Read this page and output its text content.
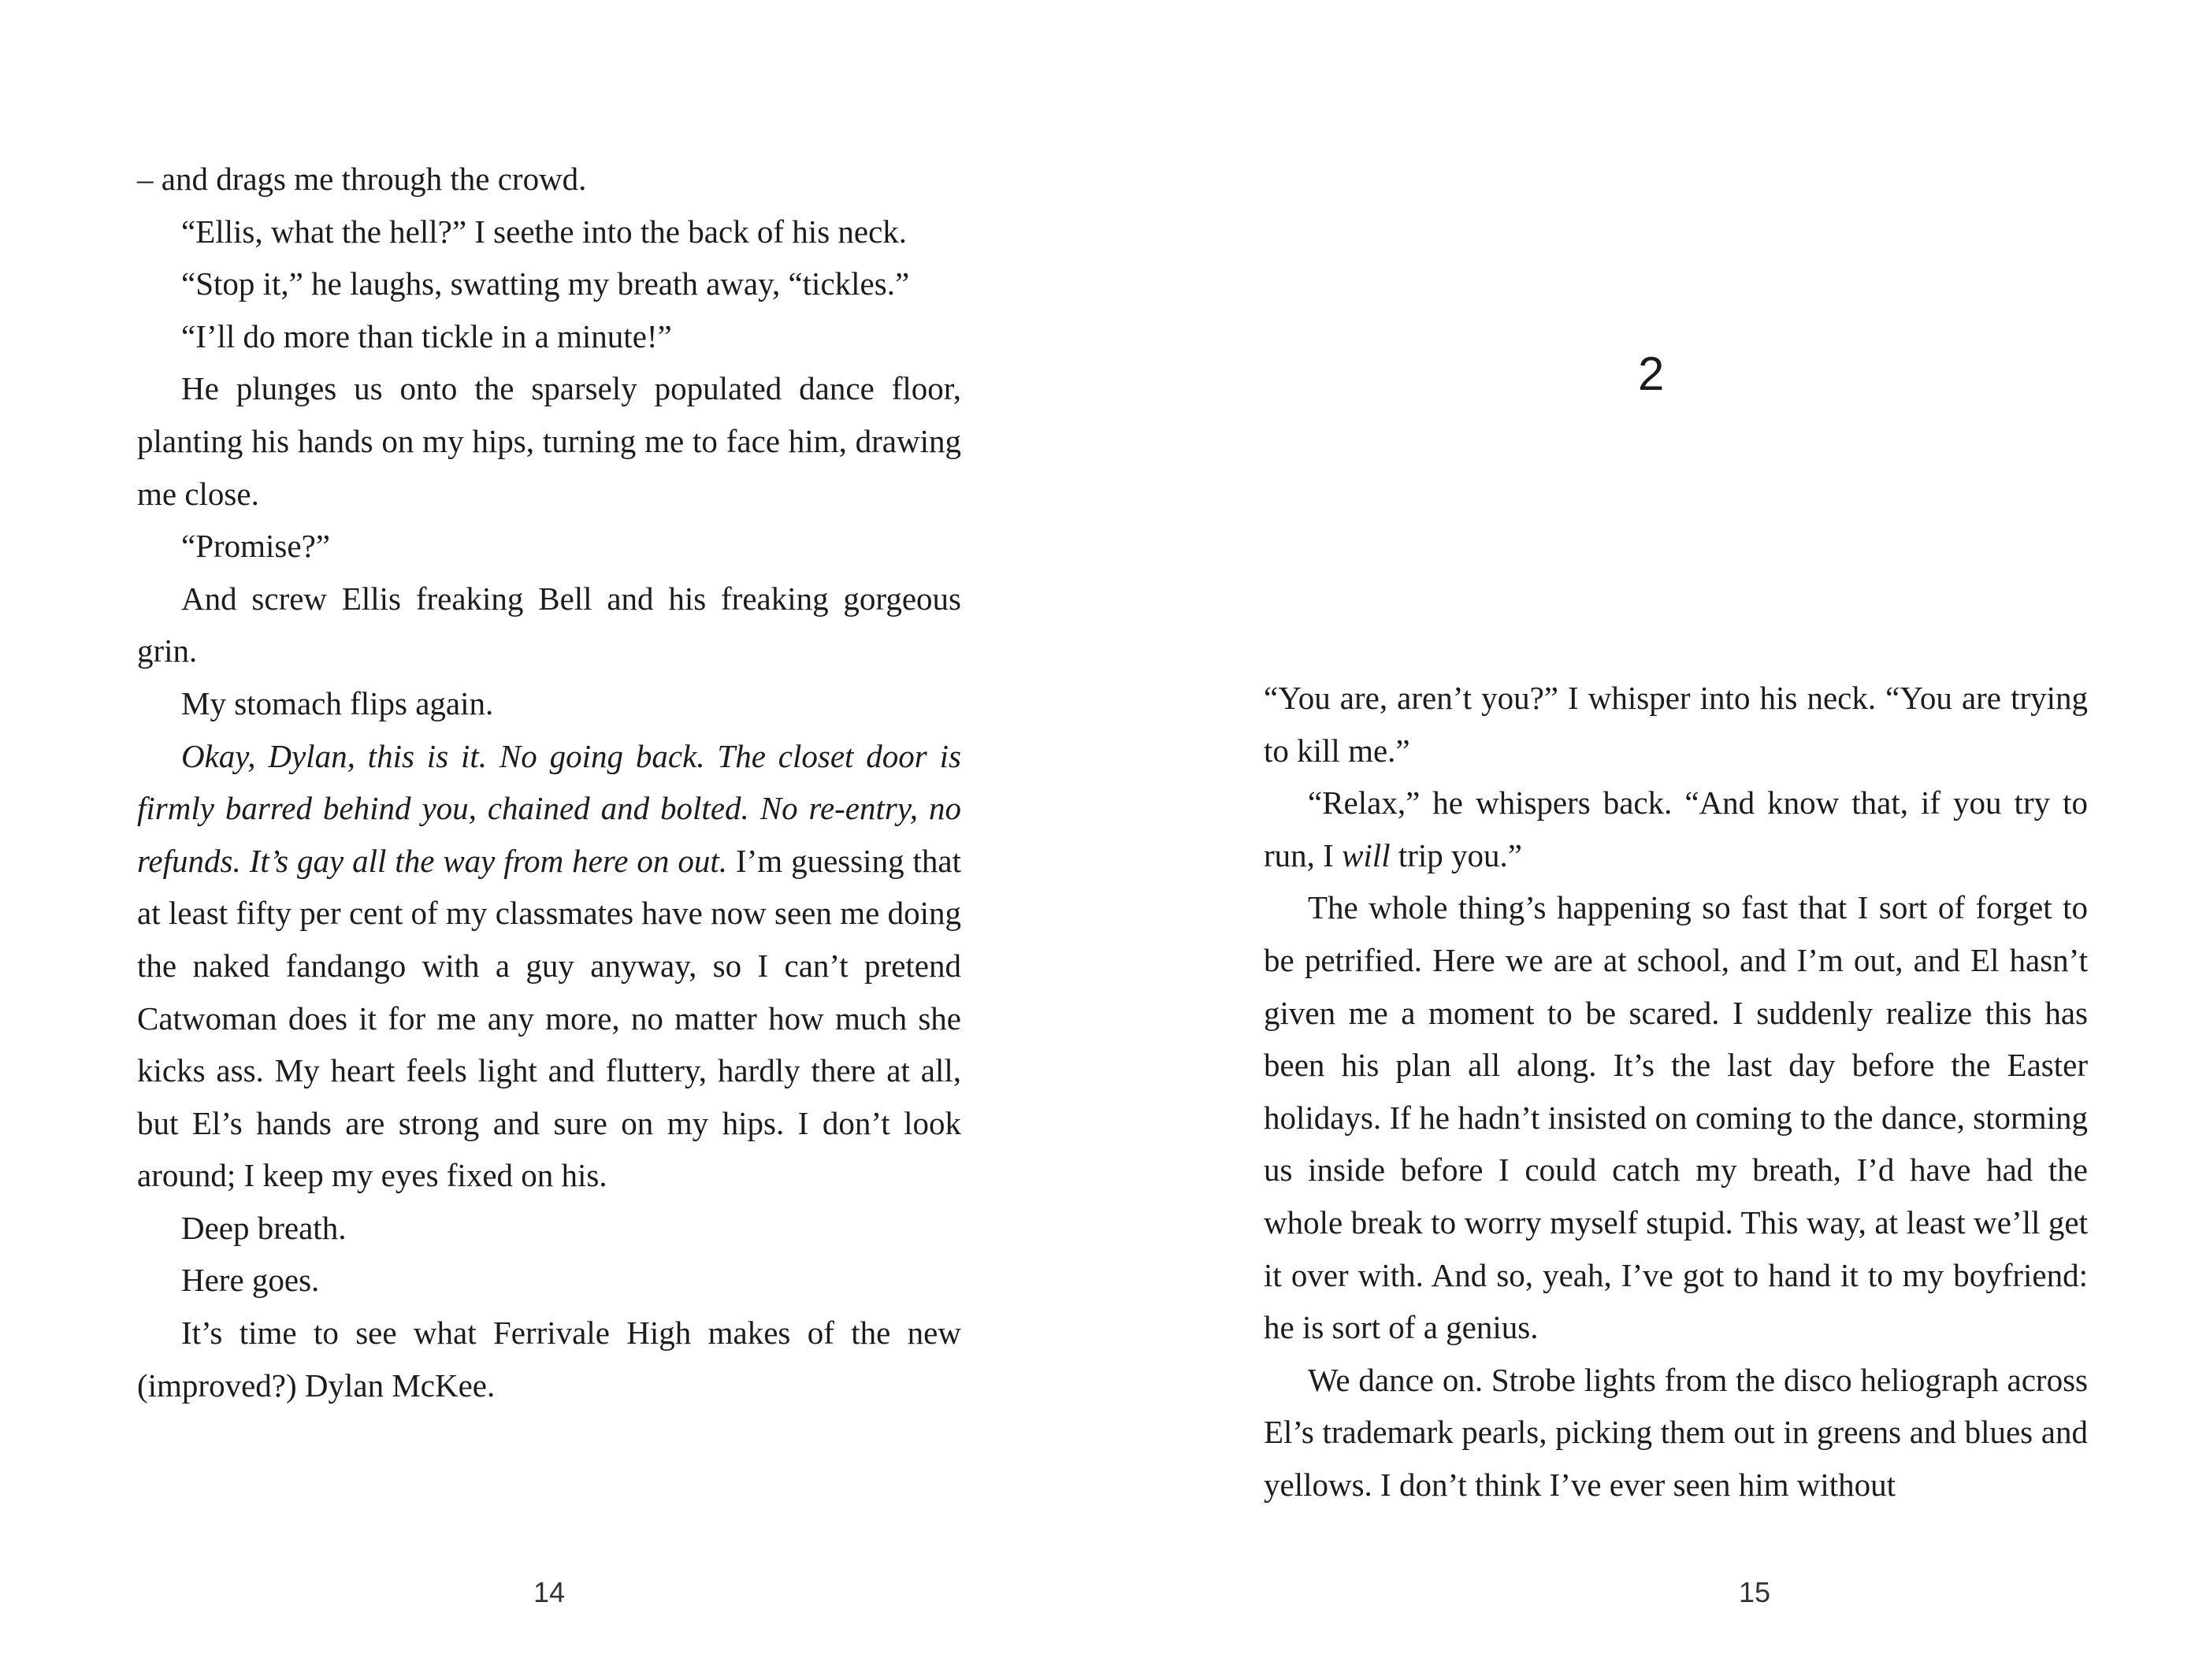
– and drags me through the crowd.

“Ellis, what the hell?” I seethe into the back of his neck.

“Stop it,” he laughs, swatting my breath away, “tickles.”

“I’ll do more than tickle in a minute!”

He plunges us onto the sparsely populated dance floor, planting his hands on my hips, turning me to face him, drawing me close.

“Promise?”

And screw Ellis freaking Bell and his freaking gorgeous grin.

My stomach flips again.

Okay, Dylan, this is it. No going back. The closet door is firmly barred behind you, chained and bolted. No re-entry, no refunds. It’s gay all the way from here on out. I’m guessing that at least fifty per cent of my classmates have now seen me doing the naked fandango with a guy anyway, so I can’t pretend Catwoman does it for me any more, no matter how much she kicks ass. My heart feels light and fluttery, hardly there at all, but El’s hands are strong and sure on my hips. I don’t look around; I keep my eyes fixed on his.

Deep breath.

Here goes.

It’s time to see what Ferrivale High makes of the new (improved?) Dylan McKee.

14
2

“You are, aren’t you?” I whisper into his neck. “You are trying to kill me.”

“Relax,” he whispers back. “And know that, if you try to run, I will trip you.”

The whole thing’s happening so fast that I sort of forget to be petrified. Here we are at school, and I’m out, and El hasn’t given me a moment to be scared. I suddenly realize this has been his plan all along. It’s the last day before the Easter holidays. If he hadn’t insisted on coming to the dance, storming us inside before I could catch my breath, I’d have had the whole break to worry myself stupid. This way, at least we’ll get it over with. And so, yeah, I’ve got to hand it to my boyfriend: he is sort of a genius.

We dance on. Strobe lights from the disco heliograph across El’s trademark pearls, picking them out in greens and blues and yellows. I don’t think I’ve ever seen him without

15
